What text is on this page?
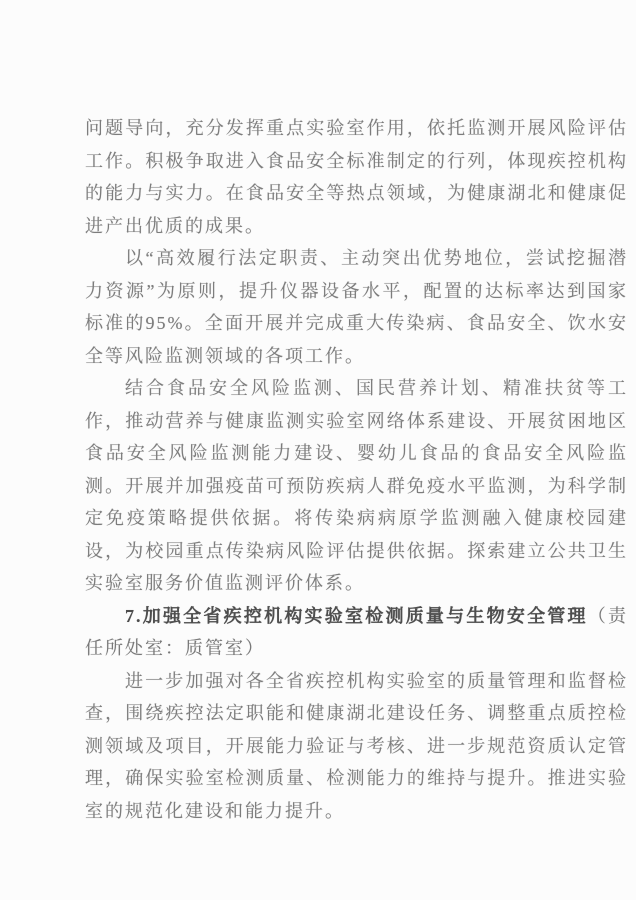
问题导向，充分发挥重点实验室作用，依托监测开展风险评估工作。积极争取进入食品安全标准制定的行列，体现疾控机构的能力与实力。在食品安全等热点领域，为健康湖北和健康促进产出优质的成果。

以“高效履行法定职责、主动突出优势地位，尝试挖掘潜力资源”为原则，提升仪器设备水平，配置的达标率达到国家标准的95%。全面开展并完成重大传染病、食品安全、饮水安全等风险监测领域的各项工作。

结合食品安全风险监测、国民营养计划、精准扶贫等工作，推动营养与健康监测实验室网络体系建设、开展贫困地区食品安全风险监测能力建设、婴幼儿食品的食品安全风险监测。开展并加强疫苗可预防疾病人群免疫水平监测，为科学制定免疫策略提供依据。将传染病病原学监测融入健康校园建设，为校园重点传染病风险评估提供依据。探索建立公共卫生实验室服务价值监测评价体系。

7.加强全省疾控机构实验室检测质量与生物安全管理（责任所处室：质管室）

进一步加强对各全省疾控机构实验室的质量管理和监督检查，围绕疾控法定职能和健康湖北建设任务、调整重点质控检测领域及项目，开展能力验证与考核、进一步规范资质认定管理，确保实验室检测质量、检测能力的维持与提升。推进实验室的规范化建设和能力提升。
